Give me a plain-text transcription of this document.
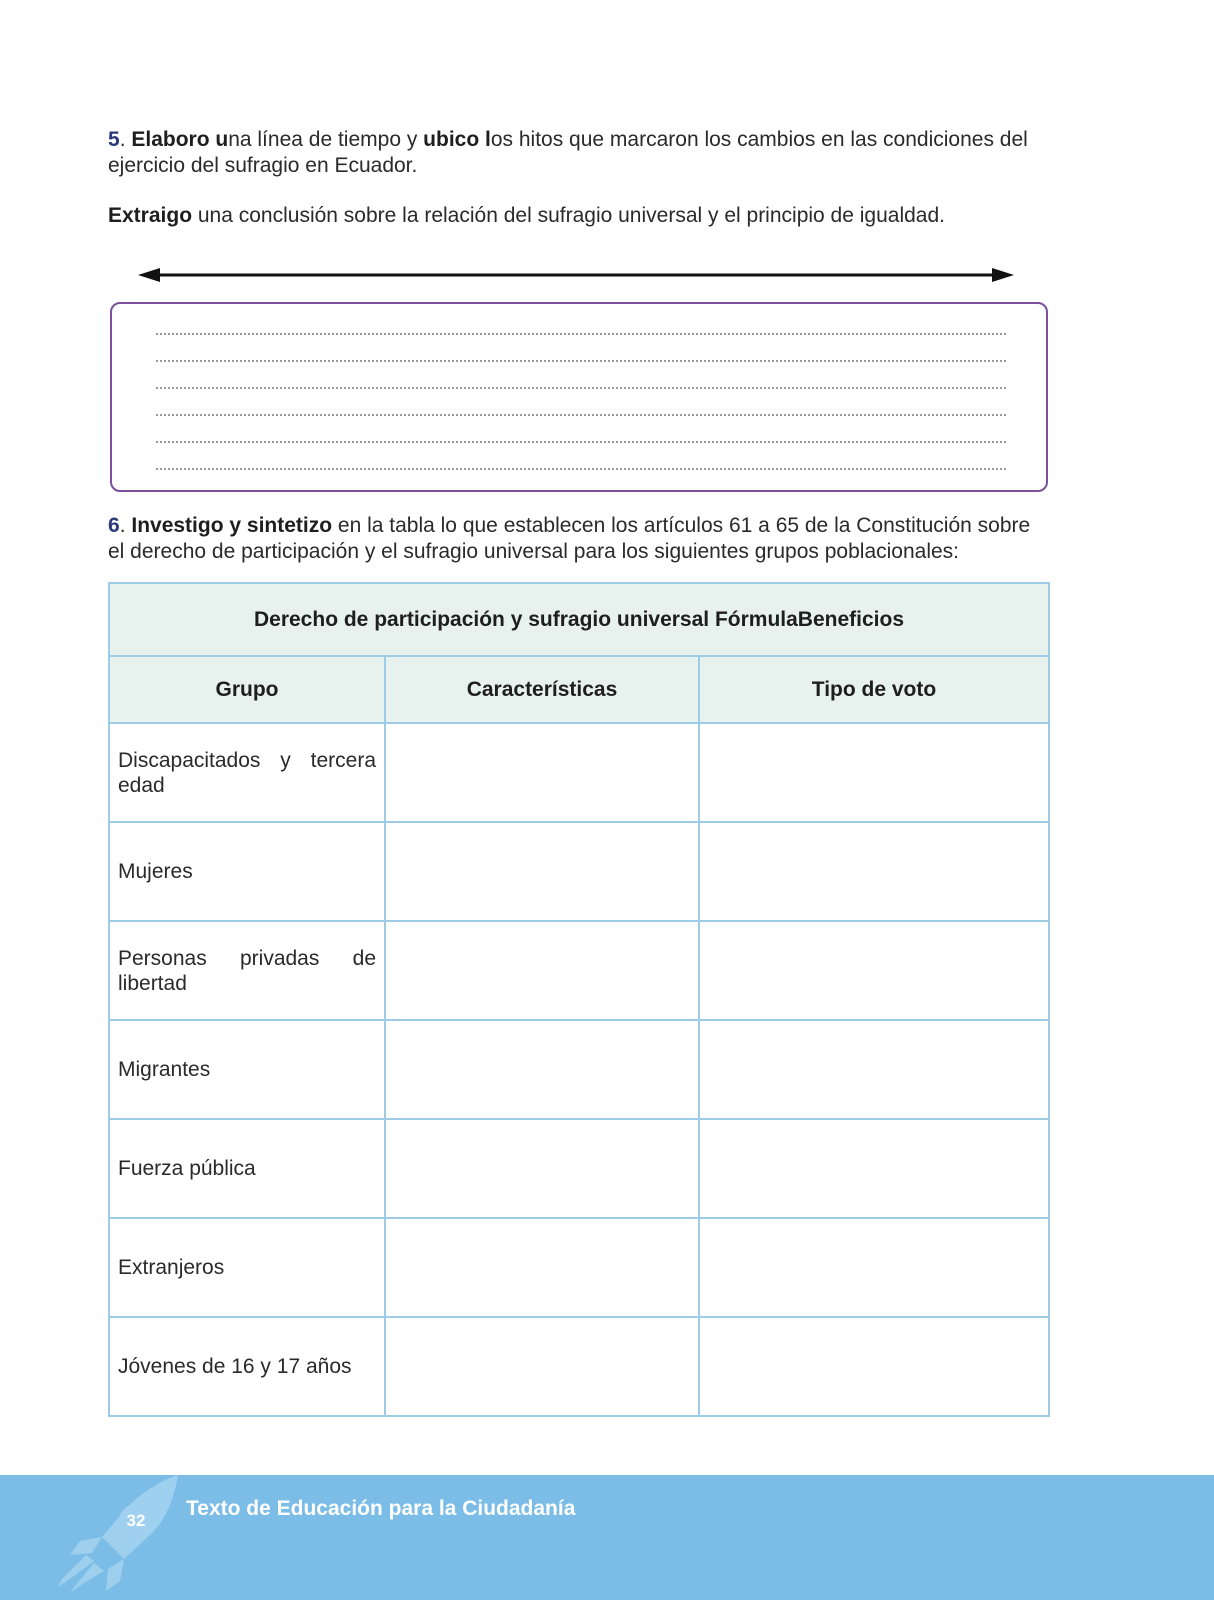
5. Elaboro una línea de tiempo y ubico los hitos que marcaron los cambios en las condiciones del ejercicio del sufragio en Ecuador.

Extraigo una conclusión sobre la relación del sufragio universal y el principio de igualdad.

6. Investigo y sintetizo en la tabla lo que establecen los artículos 61 a 65 de la Constitución sobre el derecho de participación y el sufragio universal para los siguientes grupos poblacionales:

Derecho de participación y sufragio universal FórmulaBeneficios		
Grupo	Características	Tipo de voto
Discapacitados y tercera edad		
Mujeres		
Personas privadas de libertad		
Migrantes		
Fuerza pública		
Extranjeros		
Jóvenes de 16 y 17 años		
32
Texto de Educación para la Ciudadanía
